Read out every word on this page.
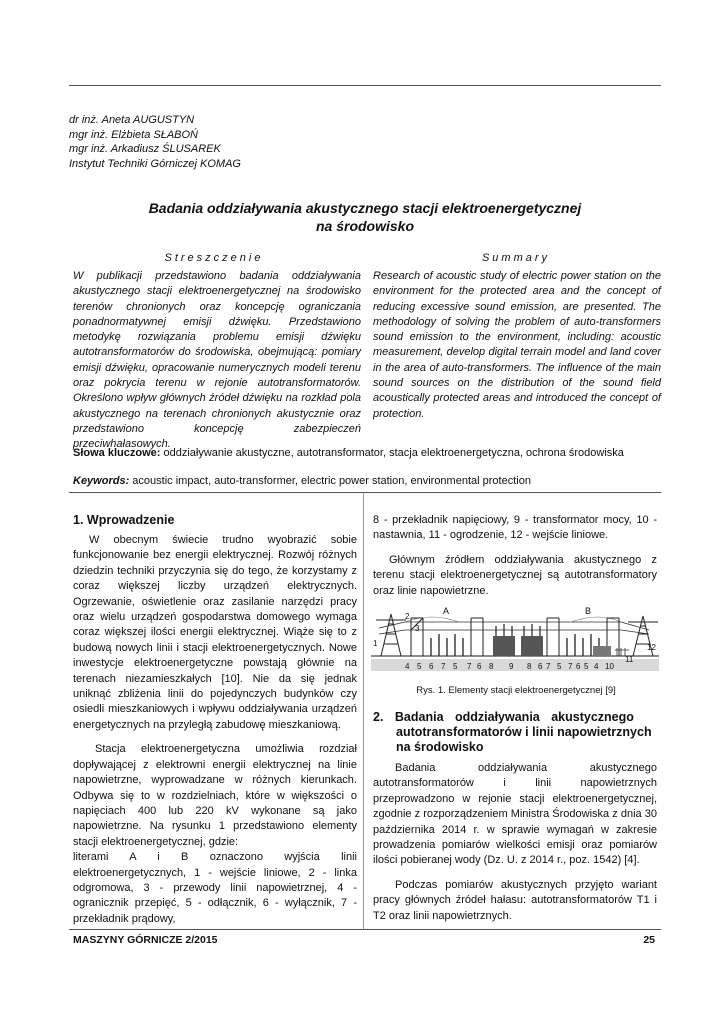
dr inż. Aneta AUGUSTYN
mgr inż. Elżbieta SŁABOŃ
mgr inż. Arkadiusz ŚLUSAREK
Instytut Techniki Górniczej KOMAG
Badania oddziaływania akustycznego stacji elektroenergetycznej
na środowisko
Streszczenie	Summary
W publikacji przedstawiono badania oddziaływania akustycznego stacji elektroenergetycznej na środowisko terenów chronionych oraz koncepcję ograniczania ponadnormatywnej emisji dźwięku. Przedstawiono metodykę rozwiązania problemu emisji dźwięku autotransformatorów do środowiska, obejmującą: pomiary emisji dźwięku, opracowanie numerycznych modeli terenu oraz pokrycia terenu w rejonie autotransformatorów. Określono wpływ głównych źródeł dźwięku na rozkład pola akustycznego na terenach chronionych akustycznie oraz przedstawiono koncepcję zabezpieczeń przeciwhałasowych.
Research of acoustic study of electric power station on the environment for the protected area and the concept of reducing excessive sound emission, are presented. The methodology of solving the problem of auto-transformers sound emission to the environment, including: acoustic measurement, develop digital terrain model and land cover in the area of auto-transformers. The influence of the main sound sources on the distribution of the sound field acoustically protected areas and introduced the concept of protection.
Słowa kluczowe: oddziaływanie akustyczne, autotransformator, stacja elektroenergetyczna, ochrona środowiska
Keywords: acoustic impact, auto-transformer, electric power station, environmental protection
1. Wprowadzenie

W obecnym świecie trudno wyobrazić sobie funkcjonowanie bez energii elektrycznej. Rozwój różnych dziedzin techniki przyczynia się do tego, że korzystamy z coraz większej liczby urządzeń elektrycznych. Ogrzewanie, oświetlenie oraz zasilanie narzędzi pracy oraz wielu urządzeń gospodarstwa domowego wymaga coraz większej ilości energii elektrycznej. Wiąże się to z budową nowych linii i stacji elektroenergetycznych. Nowe inwestycje elektroenergetyczne powstają głównie na terenach niezamieszkałych [10]. Nie da się jednak uniknąć zbliżenia linii do pojedynczych budynków czy osiedli mieszkaniowych i wpływu oddziaływania urządzeń energetycznych na przyległą zabudowę mieszkaniową.

Stacja elektroenergetyczna umożliwia rozdział dopływającej z elektrowni energii elektrycznej na linie napowietrzne, wyprowadzane w różnych kierunkach. Odbywa się to w rozdzielniach, które w większości o napięciach 400 lub 220 kV wykonane są jako napowietrzne. Na rysunku 1 przedstawiono elementy stacji elektroenergetycznej, gdzie:

literami A i B oznaczono wyjścia linii elektroenergetycznych, 1 - wejście liniowe, 2 - linka odgromowa, 3 - przewody linii napowietrznej, 4 - ogranicznik przepięć, 5 - odłącznik, 6 - wyłącznik, 7 - przekładnik prądowy,

8 - przekładnik napięciowy, 9 - transformator mocy, 10 - nastawnia, 11 - ogrodzenie, 12 - wejście liniowe.

Głównym źródłem oddziaływania akustycznego z terenu stacji elektroenergetycznej są autotransformatory oraz linie napowietrzne.

A	B
2
3
1	12
11
4 5 6 7 5 7 6 8 9 8 6 7 5 7 6 5 4 10
Rys. 1. Elementy stacji elektroenergetycznej [9]
2. Badania oddziaływania akustycznego
autotransformatorów i linii napowietrznych
na środowisko

Badania oddziaływania akustycznego autotransformatorów i linii napowietrznych przeprowadzono w rejonie stacji elektroenergetycznej, zgodnie z rozporządzeniem Ministra Środowiska z dnia 30 października 2014 r. w sprawie wymagań w zakresie prowadzenia pomiarów wielkości emisji oraz pomiarów ilości pobieranej wody (Dz. U. z 2014 r., poz. 1542) [4].

Podczas pomiarów akustycznych przyjęto wariant pracy głównych źródeł hałasu: autotransformatorów T1 i T2 oraz linii napowietrznych.

MASZYNY GÓRNICZE 2/2015	25
